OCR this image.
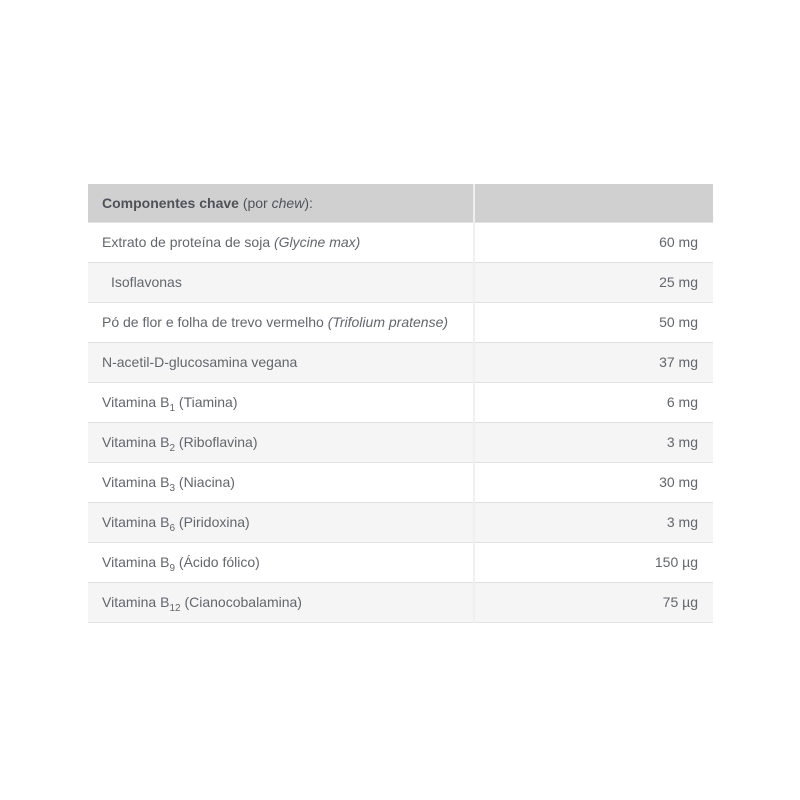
Componentes chave (por chew):	
Extrato de proteína de soja (Glycine max)	60 mg
Isoflavonas	25 mg
Pó de flor e folha de trevo vermelho (Trifolium pratense)	50 mg
N-acetil-D-glucosamina vegana	37 mg
Vitamina $B_1$ (Tiamina)	6 mg
Vitamina $B_2$ (Riboflavina)	3 mg
Vitamina $B_3$ (Niacina)	30 mg
Vitamina $B_6$ (Piridoxina)	3 mg
Vitamina $B_9$ (Ácido fólico)	150 µg
Vitamina $B_{12}$ (Cianocobalamina)	75 µg
